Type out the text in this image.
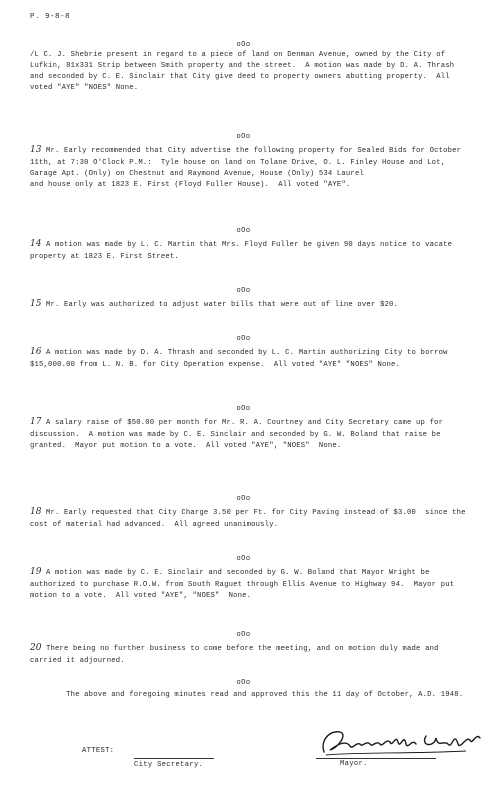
P. 9-8-8
oOo
/L C. J. Shebrie present in regard to a piece of land on Denman Avenue, owned by the City of Lufkin, 81x331 Strip between Smith property and the street.  A motion was made by D. A. Thrash and seconded by C. E. Sinclair that City give deed to property owners abutting property.  All voted "AYE" "NOES" None.
oOo
13 Mr. Early recommended that City advertise the following property for Sealed Bids for October 11th, at 7:30 O'Clock P.M.:  Tyle house on land on Tolane Drive, O. L. Finley House and Lot, Garage Apt. (Only) on Chestnut and Raymond Avenue, House (Only) 534 Laurel
and house only at 1823 E. First (Floyd Fuller House).  All voted "AYE".
oOo
14 A motion was made by L. C. Martin that Mrs. Floyd Fuller be given 90 days notice to vacate property at 1823 E. First Street.
oOo
15 Mr. Early was authorized to adjust water bills that were out of line over $20.
oOo
16 A motion was made by D. A. Thrash and seconded by L. C. Martin authorizing City to borrow $15,000.00 from L. N. B. for City Operation expense.  All voted "AYE" "NOES" None.
oOo
17 A salary raise of $50.00 per month for Mr. R. A. Courtney and City Secretary came up for discussion.  A motion was made by C. E. Sinclair and seconded by G. W. Boland that raise be granted.  Mayor put motion to a vote.  All voted "AYE", "NOES"  None.
oOo
18 Mr. Early requested that City Charge 3.50 per Ft. for City Paving instead of $3.00  since the cost of material had advanced.  All agreed unanimously.
oOo
19 A motion was made by C. E. Sinclair and seconded by G. W. Boland that Mayor Wright be authorized to purchase R.O.W. from South Raguet through Ellis Avenue to Highway 94.  Mayor put motion to a vote.  All voted "AYE", "NOES"  None.
oOo
20 There being no further business to come before the meeting, and on motion duly made and carried it adjourned.
oOo
The above and foregoing minutes read and approved this the 11 day of October, A.D. 1948.
ATTEST:
City Secretary.	Mayor.
